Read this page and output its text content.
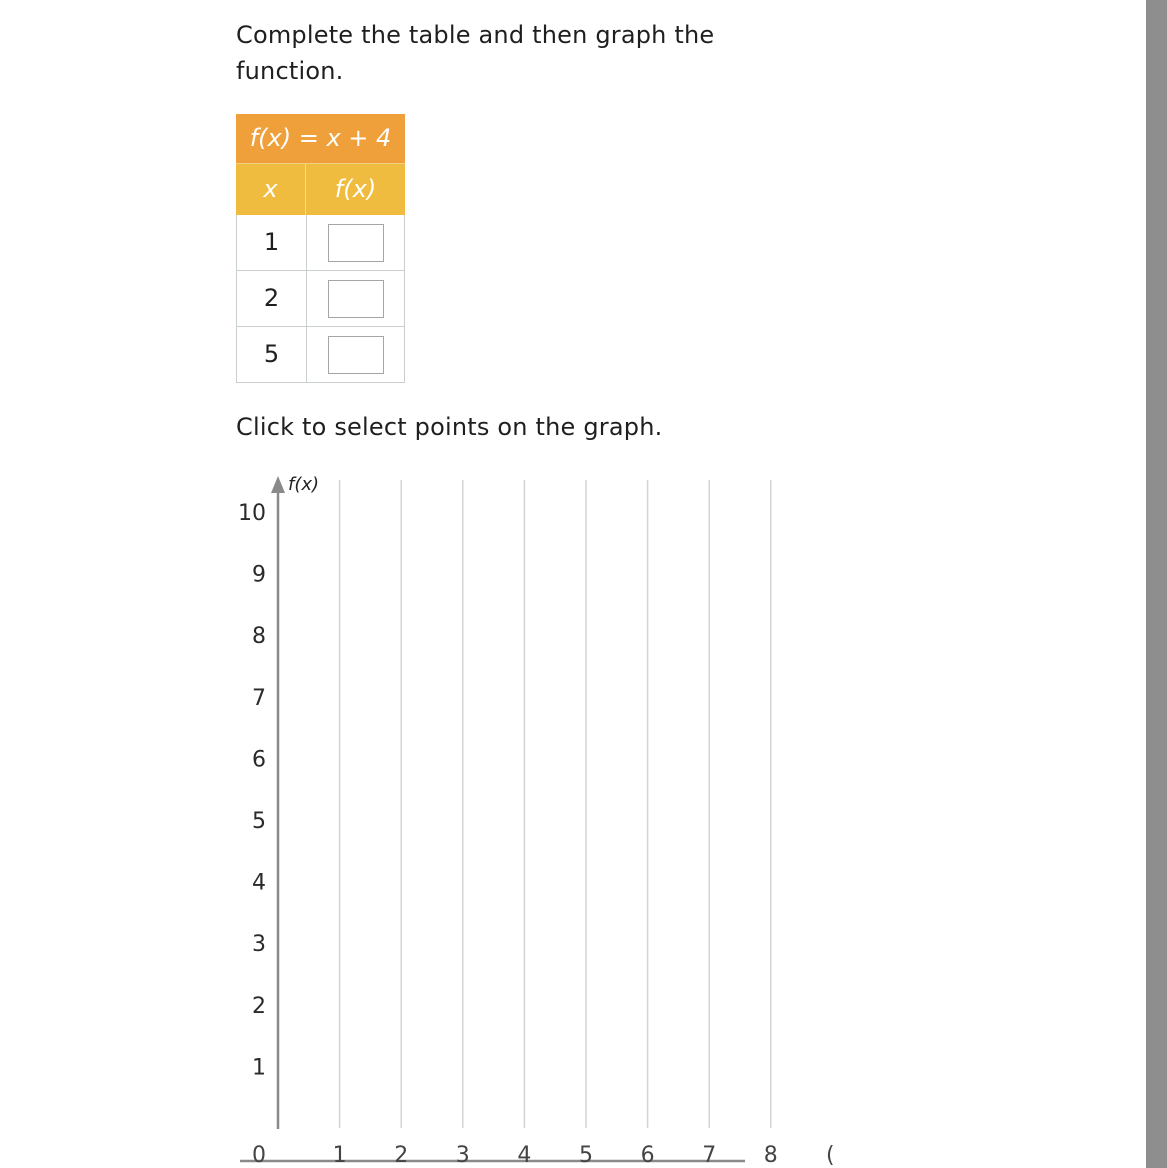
Complete the table and then graph the function.
f(x) = x + 4
x	f(x)
1
2
5

Click to select points on the graph.

f(x)
10
9
8
7
6
5
4
3
2
1
0	1 2 3 4 5 6 7 8 (
